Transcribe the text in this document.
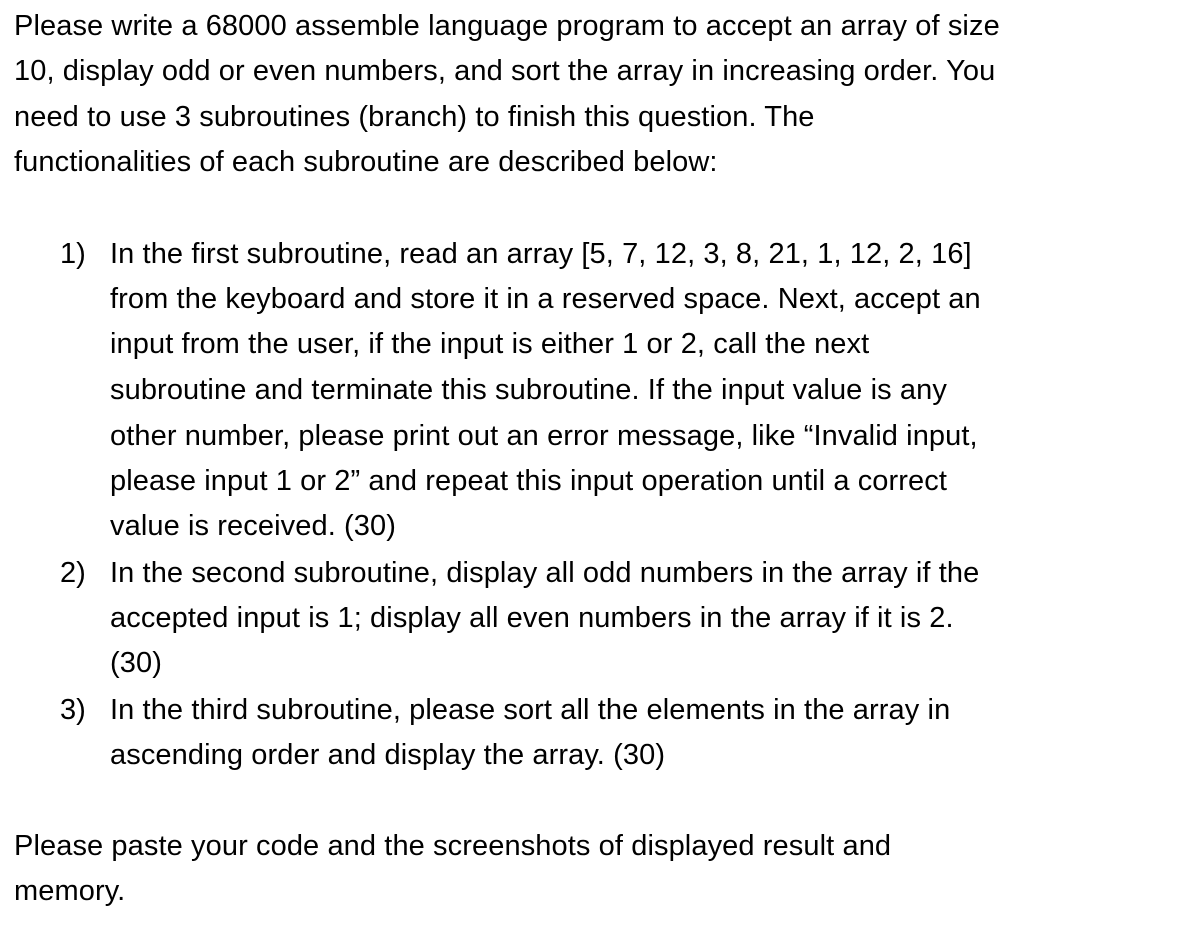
Please write a 68000 assemble language program to accept an array of size
10, display odd or even numbers, and sort the array in increasing order. You
need to use 3 subroutines (branch) to finish this question. The
functionalities of each subroutine are described below:
1) In the first subroutine, read an array [5, 7, 12, 3, 8, 21, 1, 12, 2, 16]
from the keyboard and store it in a reserved space. Next, accept an
input from the user, if the input is either 1 or 2, call the next
subroutine and terminate this subroutine. If the input value is any
other number, please print out an error message, like “Invalid input,
please input 1 or 2” and repeat this input operation until a correct
value is received. (30)
2) In the second subroutine, display all odd numbers in the array if the
accepted input is 1; display all even numbers in the array if it is 2.
(30)
3) In the third subroutine, please sort all the elements in the array in
ascending order and display the array. (30)
Please paste your code and the screenshots of displayed result and
memory.
